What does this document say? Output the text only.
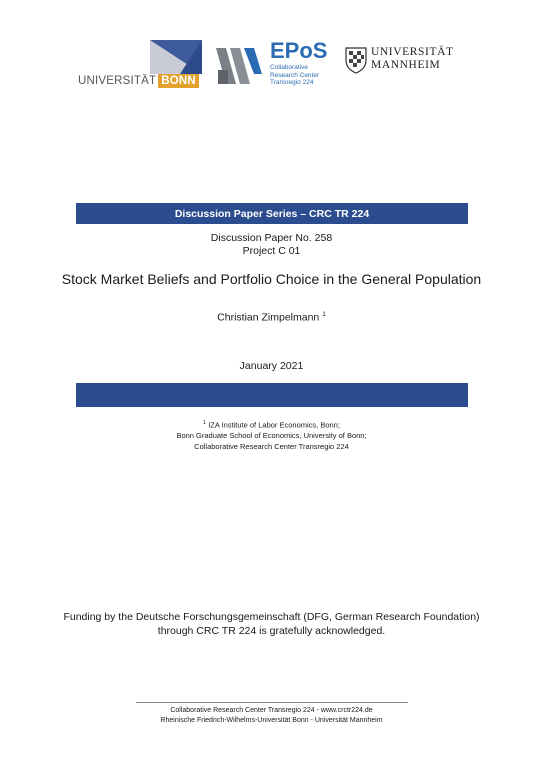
UNIVERSITÄT BONN
EPoS
Collaborative
Research Center
Transregio 224
UNIVERSITÄT
MANNHEIM
Discussion Paper Series – CRC TR 224
Discussion Paper No. 258
Project C 01
Stock Market Beliefs and Portfolio Choice in the General Population
Christian Zimpelmann $^1$
January 2021
$^1$ IZA Institute of Labor Economics, Bonn;
Bonn Graduate School of Economics, University of Bonn;
Collaborative Research Center Transregio 224
Funding by the Deutsche Forschungsgemeinschaft (DFG, German Research Foundation)
through CRC TR 224 is gratefully acknowledged.
Collaborative Research Center Transregio 224 - www.crctr224.de
Rheinische Friedrich-Wilhelms-Universität Bonn - Universität Mannheim
